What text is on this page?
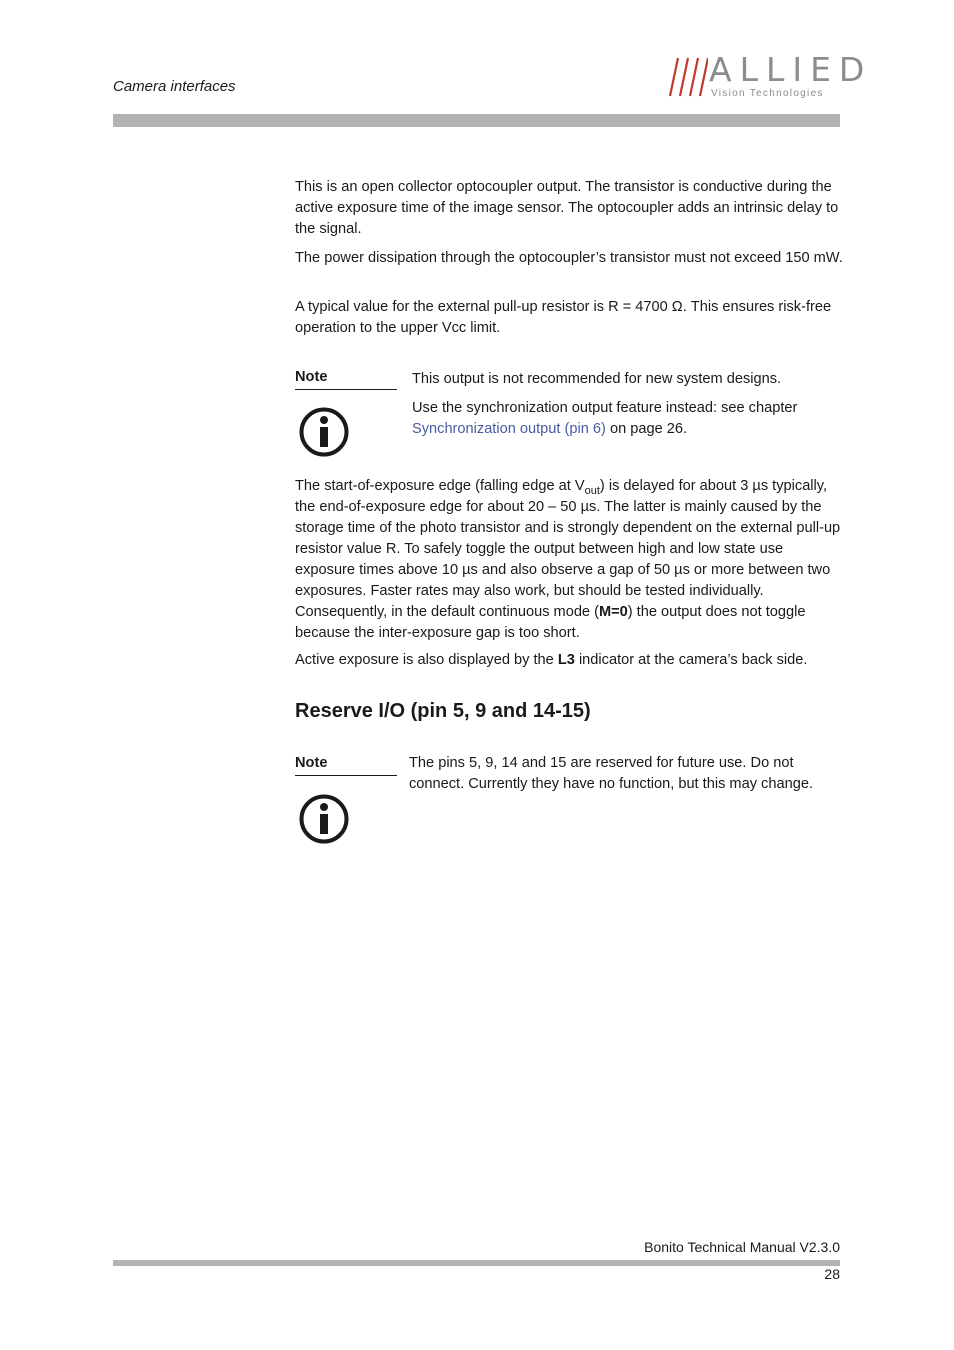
Camera interfaces	ALLIED
Vision Technologies

This is an open collector optocoupler output. The transistor is conductive during the active exposure time of the image sensor. The optocoupler adds an intrinsic delay to the signal.

The power dissipation through the optocoupler’s transistor must not exceed 150 mW.

A typical value for the external pull-up resistor is R = 4700 Ω. This ensures risk-free operation to the upper Vcc limit.

Note	This output is not recommended for new system designs.

Use the synchronization output feature instead: see chapter Synchronization output (pin 6) on page 26.

The start-of-exposure edge (falling edge at $V_{out}$) is delayed for about 3 µs typically, the end-of-exposure edge for about 20 – 50 µs. The latter is mainly caused by the storage time of the photo transistor and is strongly dependent on the external pull-up resistor value R. To safely toggle the output between high and low state use exposure times above 10 µs and also observe a gap of 50 µs or more between two exposures. Faster rates may also work, but should be tested individually. Consequently, in the default continuous mode (M=0) the output does not toggle because the inter-exposure gap is too short.

Active exposure is also displayed by the L3 indicator at the camera’s back side.

Reserve I/O (pin 5, 9 and 14-15)
Note	The pins 5, 9, 14 and 15 are reserved for future use. Do not connect. Currently they have no function, but this may change.

Bonito Technical Manual V2.3.0
28
